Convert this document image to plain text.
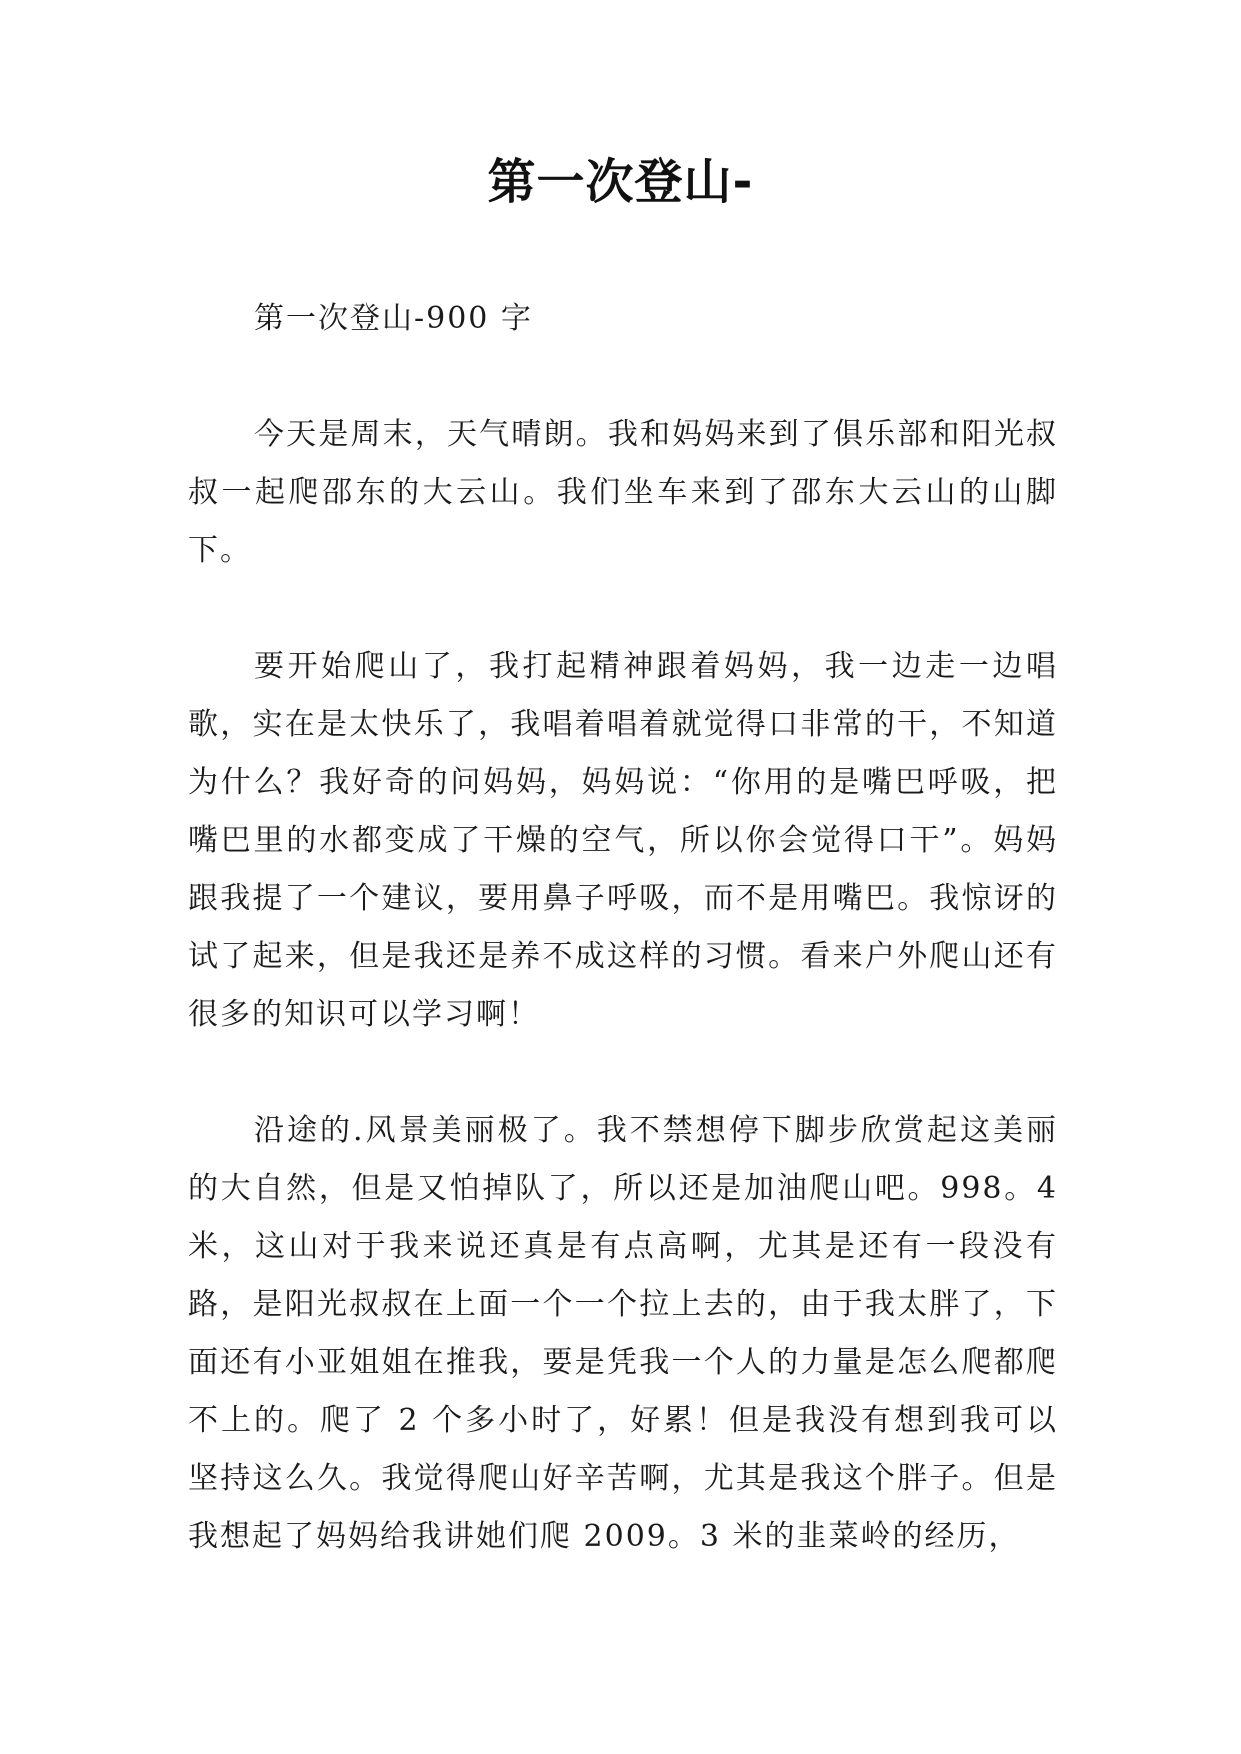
第一次登山-

第一次登山-900 字

今天是周末，天气晴朗。我和妈妈来到了俱乐部和阳光叔叔一起爬邵东的大云山。我们坐车来到了邵东大云山的山脚下。

要开始爬山了，我打起精神跟着妈妈，我一边走一边唱歌，实在是太快乐了，我唱着唱着就觉得口非常的干，不知道为什么？我好奇的问妈妈，妈妈说：“你用的是嘴巴呼吸，把嘴巴里的水都变成了干燥的空气，所以你会觉得口干”。妈妈跟我提了一个建议，要用鼻子呼吸，而不是用嘴巴。我惊讶的试了起来，但是我还是养不成这样的习惯。看来户外爬山还有很多的知识可以学习啊！

沿途的.风景美丽极了。我不禁想停下脚步欣赏起这美丽的大自然，但是又怕掉队了，所以还是加油爬山吧。998。4 米，这山对于我来说还真是有点高啊，尤其是还有一段没有路，是阳光叔叔在上面一个一个拉上去的，由于我太胖了，下面还有小亚姐姐在推我，要是凭我一个人的力量是怎么爬都爬不上的。爬了 2 个多小时了，好累！但是我没有想到我可以坚持这么久。我觉得爬山好辛苦啊，尤其是我这个胖子。但是我想起了妈妈给我讲她们爬 2009。3 米的韭菜岭的经历，
